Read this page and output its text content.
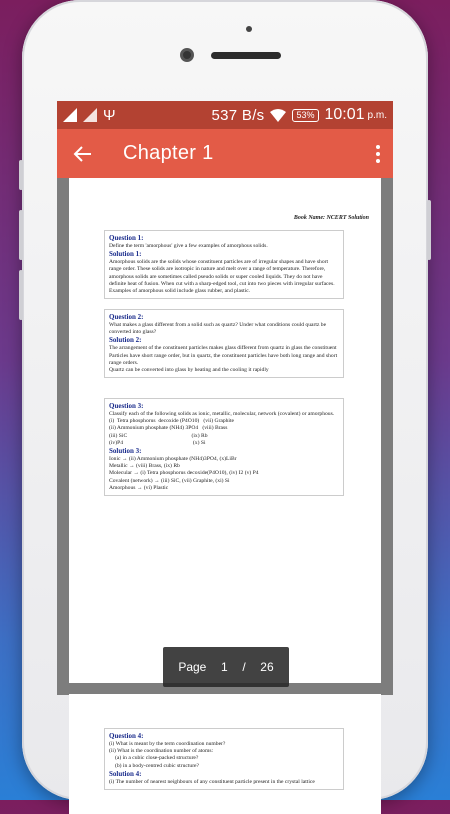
Ψ	537 B/s	53% 10:01 p.m.
Chapter 1
Book Name: NCERT Solution
Question 1:
Define the term 'amorphous' give a few examples of amorphous solids.
Solution 1:
Amorphous solids are the solids whose constituent particles are of irregular shapes and have short range order. These solids are isotropic in nature and melt over a range of temperature. Therefore, amorphous solids are sometimes called pseudo solids or super cooled liquids. They do not have definite heat of fusion. When cut with a sharp-edged tool, cut into two pieces with irregular surfaces. Examples of amorphous solid include glass rubber, and plastic.
Question 2:
What makes a glass different from a solid such as quartz? Under what conditions could quartz be converted into glass?
Solution 2:
The arrangement of the constituent particles makes glass different from quartz in glass the constituent Particles have short range order, but in quartz, the constituent particles have both long range and short range orders.
Quartz can be converted into glass by heating and the cooling it rapidly
Question 3:
Classify each of the following solids as ionic, metallic, molecular, network (covalent) or amorphous.
(i)  Tetra phosphorus  decoxide (P4O10)   (vii) Graphite
(ii) Ammonium phosphate (NH4) 3PO4   (viii) Brass
(iii) SiC                                              (ix) Rb
(iv)P4                                                  (x) Si
Solution 3:
Ionic → (ii) Ammonium phosphate (NH4)3PO4, (x)LiBr
Metallic → (viii) Brass, (ix) Rb
Molecular → (i) Tetra phosphorus decoxide(P4O10), (iv) I2 (v) P4
Covalent (network) → (iii) SiC, (vii) Graphite, (xi) Si
Amorphous → (vi) Plastic
Question 4:
(i) What is meant by the term coordination number?
(ii) What is the coordination number of atoms:
(a) in a cubic close-packed structure?
(b) in a body-centred cubic structure?
Solution 4:
(i) The number of nearest neighbours of any constituent particle present in the crystal lattice
Page 1 / 26
